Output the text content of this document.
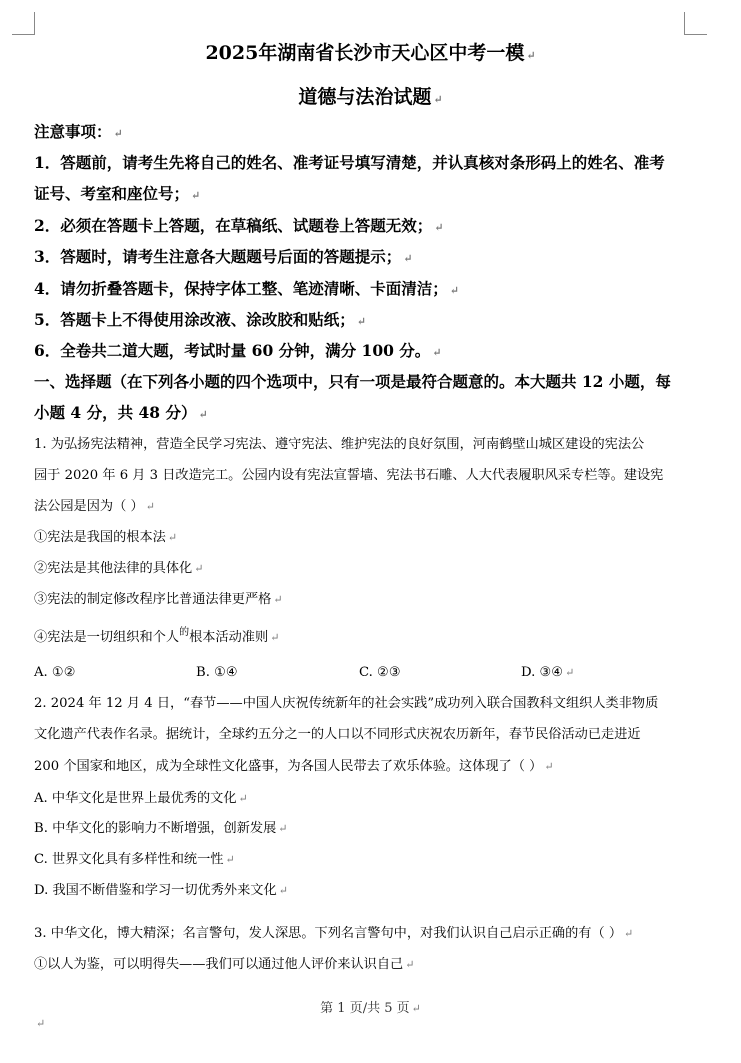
2025年湖南省长沙市天心区中考一模 ↵
道德与法治试题 ↵
注意事项： ↵
1．答题前，请考生先将自己的姓名、准考证号填写清楚，并认真核对条形码上的姓名、准考
证号、考室和座位号； ↵
2．必须在答题卡上答题，在草稿纸、试题卷上答题无效； ↵
3．答题时，请考生注意各大题题号后面的答题提示； ↵
4．请勿折叠答题卡，保持字体工整、笔迹清晰、卡面清洁； ↵
5．答题卡上不得使用涂改液、涂改胶和贴纸； ↵
6．全卷共二道大题，考试时量 60 分钟，满分 100 分。 ↵
一、选择题（在下列各小题的四个选项中，只有一项是最符合题意的。本大题共 12 小题，每
小题 4 分，共 48 分） ↵
1. 为弘扬宪法精神，营造全民学习宪法、遵守宪法、维护宪法的良好氛围，河南鹤壁山城区建设的宪法公
园于 2020 年 6 月 3 日改造完工。公园内设有宪法宣誓墙、宪法书石雕、人大代表履职风采专栏等。建设宪
法公园是因为（ ） ↵
①宪法是我国的根本法 ↵
②宪法是其他法律的具体化 ↵
③宪法的制定修改程序比普通法律更严格 ↵
④宪法是一切组织和个人$^的$根本活动准则 ↵
A. ①②	B. ①④	C. ②③	D. ③④ ↵
2. 2024 年 12 月 4 日，“春节——中国人庆祝传统新年的社会实践”成功列入联合国教科文组织人类非物质
文化遗产代表作名录。据统计，全球约五分之一的人口以不同形式庆祝农历新年，春节民俗活动已走进近
200 个国家和地区，成为全球性文化盛事，为各国人民带去了欢乐体验。这体现了（ ） ↵
A. 中华文化是世界上最优秀的文化 ↵
B. 中华文化的影响力不断增强，创新发展 ↵
C. 世界文化具有多样性和统一性 ↵
D. 我国不断借鉴和学习一切优秀外来文化 ↵
3. 中华文化，博大精深；名言警句，发人深思。下列名言警句中，对我们认识自己启示正确的有（ ） ↵
①以人为鉴，可以明得失——我们可以通过他人评价来认识自己 ↵
第 1 页/共 5 页 ↵
↵
